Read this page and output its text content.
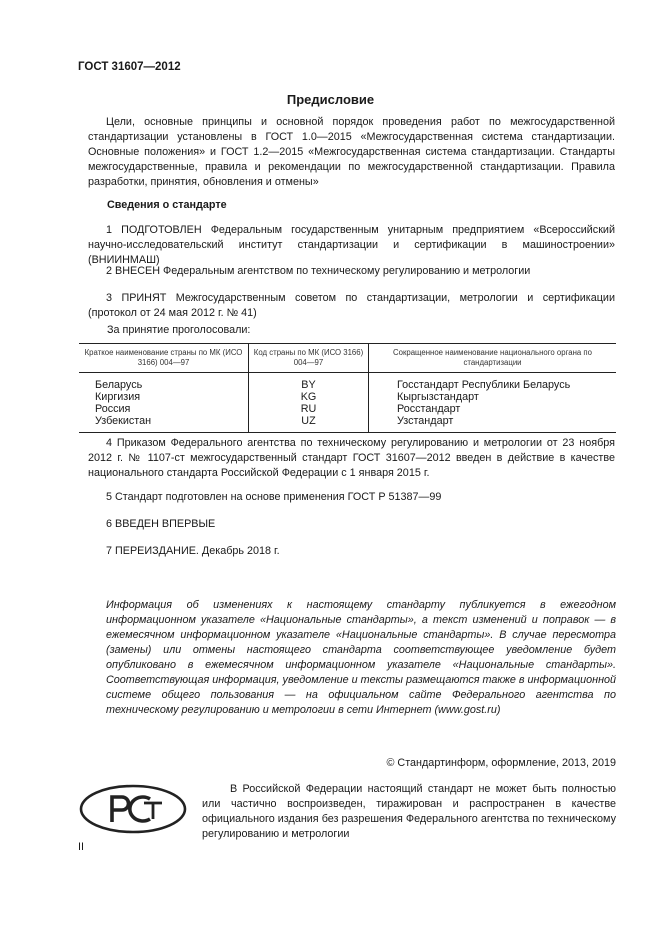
ГОСТ 31607—2012
Предисловие

Цели, основные принципы и основной порядок проведения работ по межгосударственной стандартизации установлены в ГОСТ 1.0—2015 «Межгосударственная система стандартизации. Основные положения» и ГОСТ 1.2—2015 «Межгосударственная система стандартизации. Стандарты межгосударственные, правила и рекомендации по межгосударственной стандартизации. Правила разработки, принятия, обновления и отмены»

Сведения о стандарте

1 ПОДГОТОВЛЕН Федеральным государственным унитарным предприятием «Всероссийский научно-исследовательский институт стандартизации и сертификации в машиностроении» (ВНИИНМАШ)

2 ВНЕСЕН Федеральным агентством по техническому регулированию и метрологии

3 ПРИНЯТ Межгосударственным советом по стандартизации, метрологии и сертификации (протокол от 24 мая 2012 г. № 41)

За принятие проголосовали:
Краткое наименование страны по МК (ИСО 3166) 004—97	Код страны по МК (ИСО 3166) 004—97	Сокращенное наименование национального органа по стандартизации
Беларусь	BY	Госстандарт Республики Беларусь
Киргизия	KG	Кыргызстандарт
Россия	RU	Росстандарт
Узбекистан	UZ	Узстандарт

4 Приказом Федерального агентства по техническому регулированию и метрологии от 23 ноября 2012 г. № 1107-ст межгосударственный стандарт ГОСТ 31607—2012 введен в действие в качестве национального стандарта Российской Федерации с 1 января 2015 г.

5 Стандарт подготовлен на основе применения ГОСТ Р 51387—99

6 ВВЕДЕН ВПЕРВЫЕ

7 ПЕРЕИЗДАНИЕ. Декабрь 2018 г.

Информация об изменениях к настоящему стандарту публикуется в ежегодном информационном указателе «Национальные стандарты», а текст изменений и поправок — в ежемесячном информационном указателе «Национальные стандарты». В случае пересмотра (замены) или отмены настоящего стандарта соответствующее уведомление будет опубликовано в ежемесячном информационном указателе «Национальные стандарты». Соответствующая информация, уведомление и тексты размещаются также в информационной системе общего пользования — на официальном сайте Федерального агентства по техническому регулированию и метрологии в сети Интернет (www.gost.ru)

© Стандартинформ, оформление, 2013, 2019

В Российской Федерации настоящий стандарт не может быть полностью или частично воспроизведен, тиражирован и распространен в качестве официального издания без разрешения Федерального агентства по техническому регулированию и метрологии

II
